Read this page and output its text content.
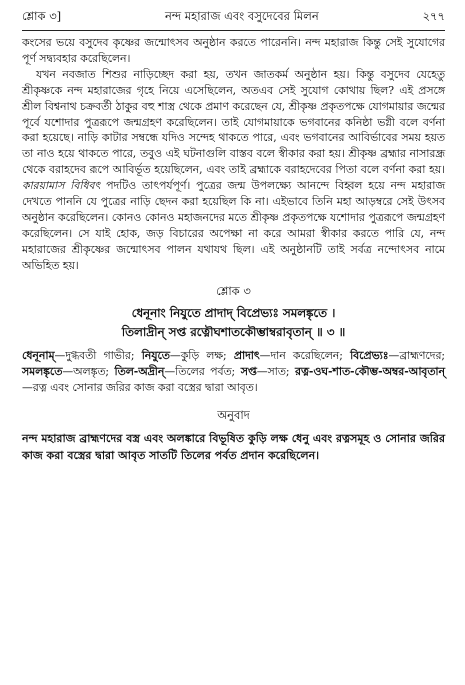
শ্লোক ৩]	নন্দ মহারাজ এবং বসুদেবের মিলন	২৭৭

কংসের ভয়ে বসুদেব কৃষ্ণের জন্মোৎসব অনুষ্ঠান করতে পারেননি। নন্দ মহারাজ কিন্তু সেই সুযোগের পূর্ণ সদ্ব্যবহার করেছিলেন।

যখন নবজাত শিশুর নাড়িচ্ছেদ করা হয়, তখন জাতকর্ম অনুষ্ঠান হয়। কিন্তু বসুদেব যেহেতু শ্রীকৃষ্ণকে নন্দ মহারাজের গৃহে নিয়ে এসেছিলেন, অতএব সেই সুযোগ কোথায় ছিল? এই প্রসঙ্গে শ্রীল বিশ্বনাথ চক্রবর্তী ঠাকুর বহু শাস্ত্র থেকে প্রমাণ করেছেন যে, শ্রীকৃষ্ণ প্রকৃতপক্ষে যোগমায়ার জন্মের পূর্বে যশোদার পুত্ররূপে জন্মগ্রহণ করেছিলেন। তাই যোগমায়াকে ভগবানের কনিষ্ঠা ভগ্নী বলে বর্ণনা করা হয়েছে। নাড়ি কাটার সম্বন্ধে যদিও সন্দেহ থাকতে পারে, এবং ভগবানের আবির্ভাবের সময় হয়ত তা নাও হয়ে থাকতে পারে, তবুও এই ঘটনাগুলি বাস্তব বলে স্বীকার করা হয়। শ্রীকৃষ্ণ ব্রহ্মার নাসারন্ধ্র থেকে বরাহদেব রূপে আবির্ভূত হয়েছিলেন, এবং তাই ব্রহ্মাকে বরাহদেবের পিতা বলে বর্ণনা করা হয়। কারয়ামাস বিধিবৎ পদটিও তাৎপর্যপূর্ণ। পুত্রের জন্ম উপলক্ষ্যে আনন্দে বিহ্বল হয়ে নন্দ মহারাজ দেখতে পাননি যে পুত্রের নাড়ি ছেদন করা হয়েছিল কি না। এইভাবে তিনি মহা আড়ম্বরে সেই উৎসব অনুষ্ঠান করেছিলেন। কোনও কোনও মহাজনদের মতে শ্রীকৃষ্ণ প্রকৃতপক্ষে যশোদার পুত্ররূপে জন্মগ্রহণ করেছিলেন। সে যাই হোক, জড় বিচারের অপেক্ষা না করে আমরা স্বীকার করতে পারি যে, নন্দ মহারাজের শ্রীকৃষ্ণের জন্মোৎসব পালন যথাযথ ছিল। এই অনুষ্ঠানটি তাই সর্বত্র নন্দোৎসব নামে অভিহিত হয়।

শ্লোক ৩
ধেনূনাং নিযুতে প্রাদাদ্ বিপ্রেভ্যঃ সমলঙ্কৃতে ।
তিলাদ্রীন্ সপ্ত রত্নৌঘশাতকৌম্ভাম্বরাবৃতান্ ॥ ৩ ॥

ধেনূনাম্—দুগ্ধবতী গাভীর; নিযুতে—কুড়ি লক্ষ; প্রাদাৎ—দান করেছিলেন; বিপ্রেভ্যঃ—ব্রাহ্মণদের; সমলঙ্কৃতে—অলঙ্কৃত; তিল-অদ্রীন্—তিলের পর্বত; সপ্ত—সাত; রত্ন-ওঘ-শাত-কৌম্ভ-অম্বর-আবৃতান্—রত্ন এবং সোনার জরির কাজ করা বস্ত্রের দ্বারা আবৃত।

অনুবাদ

নন্দ মহারাজ ব্রাহ্মণদের বস্ত্র এবং অলঙ্কারে বিভূষিত কুড়ি লক্ষ ধেনু এবং রত্নসমূহ ও সোনার জরির কাজ করা বস্ত্রের দ্বারা আবৃত সাতটি তিলের পর্বত প্রদান করেছিলেন।
